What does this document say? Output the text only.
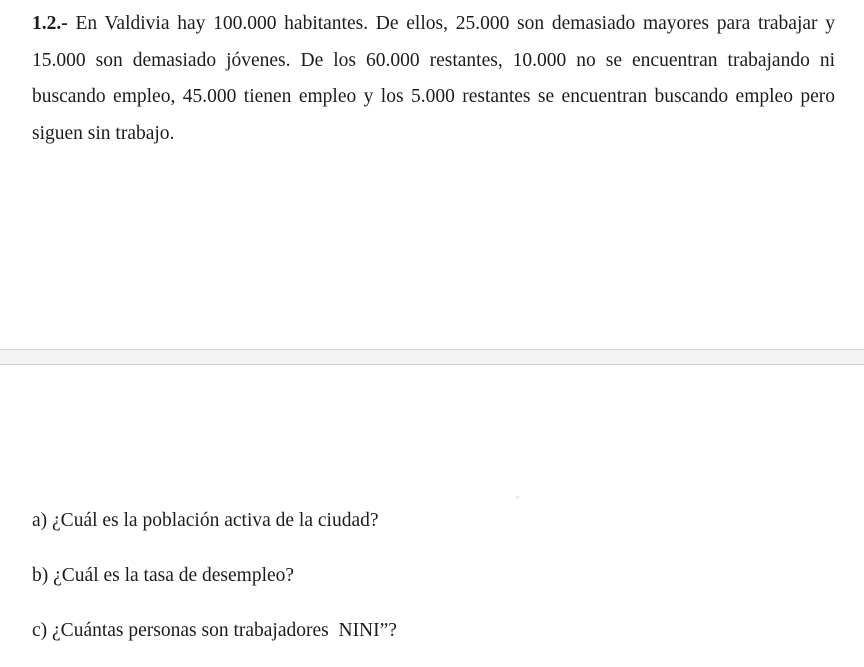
1.2.- En Valdivia hay 100.000 habitantes. De ellos, 25.000 son demasiado mayores para trabajar y 15.000 son demasiado jóvenes. De los 60.000 restantes, 10.000 no se encuentran trabajando ni buscando empleo, 45.000 tienen empleo y los 5.000 restantes se encuentran buscando empleo pero siguen sin trabajo.

a) ¿Cuál es la población activa de la ciudad?

b) ¿Cuál es la tasa de desempleo?

c) ¿Cuántas personas son trabajadores  NINI”?
